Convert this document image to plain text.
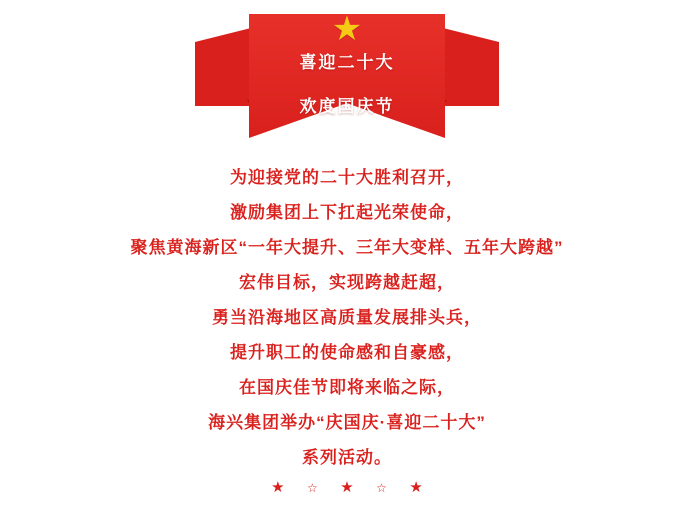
★
喜迎二十大
欢度国庆节
为迎接党的二十大胜利召开，
激励集团上下扛起光荣使命，
聚焦黄海新区“一年大提升、三年大变样、五年大跨越”
宏伟目标，实现跨越赶超，
勇当沿海地区高质量发展排头兵，
提升职工的使命感和自豪感，
在国庆佳节即将来临之际，
海兴集团举办“庆国庆·喜迎二十大”
系列活动。
★ ☆ ★ ☆ ★
